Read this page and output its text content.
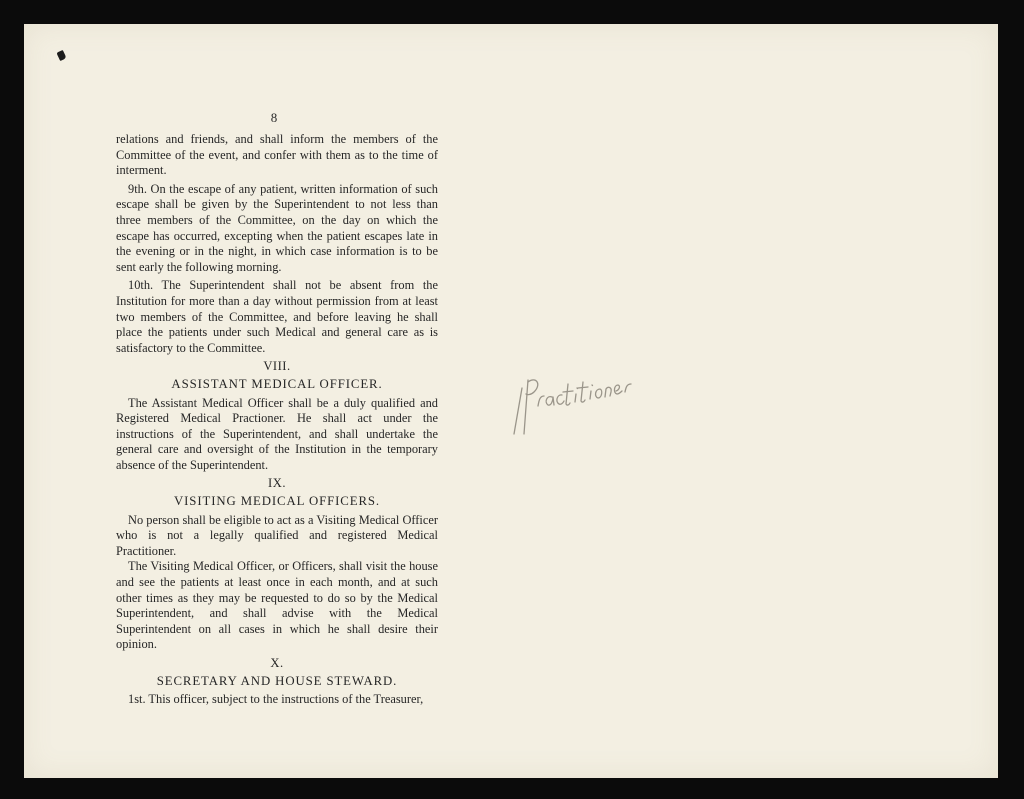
8

relations and friends, and shall inform the members of the Committee of the event, and confer with them as to the time of interment.

9th. On the escape of any patient, written information of such escape shall be given by the Superintendent to not less than three members of the Committee, on the day on which the escape has occurred, excepting when the patient escapes late in the evening or in the night, in which case information is to be sent early the following morning.

10th. The Superintendent shall not be absent from the Institution for more than a day without permission from at least two members of the Committee, and before leaving he shall place the patients under such Medical and general care as is satisfactory to the Committee.

VIII.
ASSISTANT MEDICAL OFFICER.

The Assistant Medical Officer shall be a duly qualified and Registered Medical Practioner. He shall act under the instructions of the Superintendent, and shall undertake the general care and oversight of the Institution in the temporary absence of the Superintendent.

IX.
VISITING MEDICAL OFFICERS.

No person shall be eligible to act as a Visiting Medical Officer who is not a legally qualified and registered Medical Practitioner.

The Visiting Medical Officer, or Officers, shall visit the house and see the patients at least once in each month, and at such other times as they may be requested to do so by the Medical Superintendent, and shall advise with the Medical Superintendent on all cases in which he shall desire their opinion.

X.
SECRETARY AND HOUSE STEWARD.

1st. This officer, subject to the instructions of the Treasurer,
